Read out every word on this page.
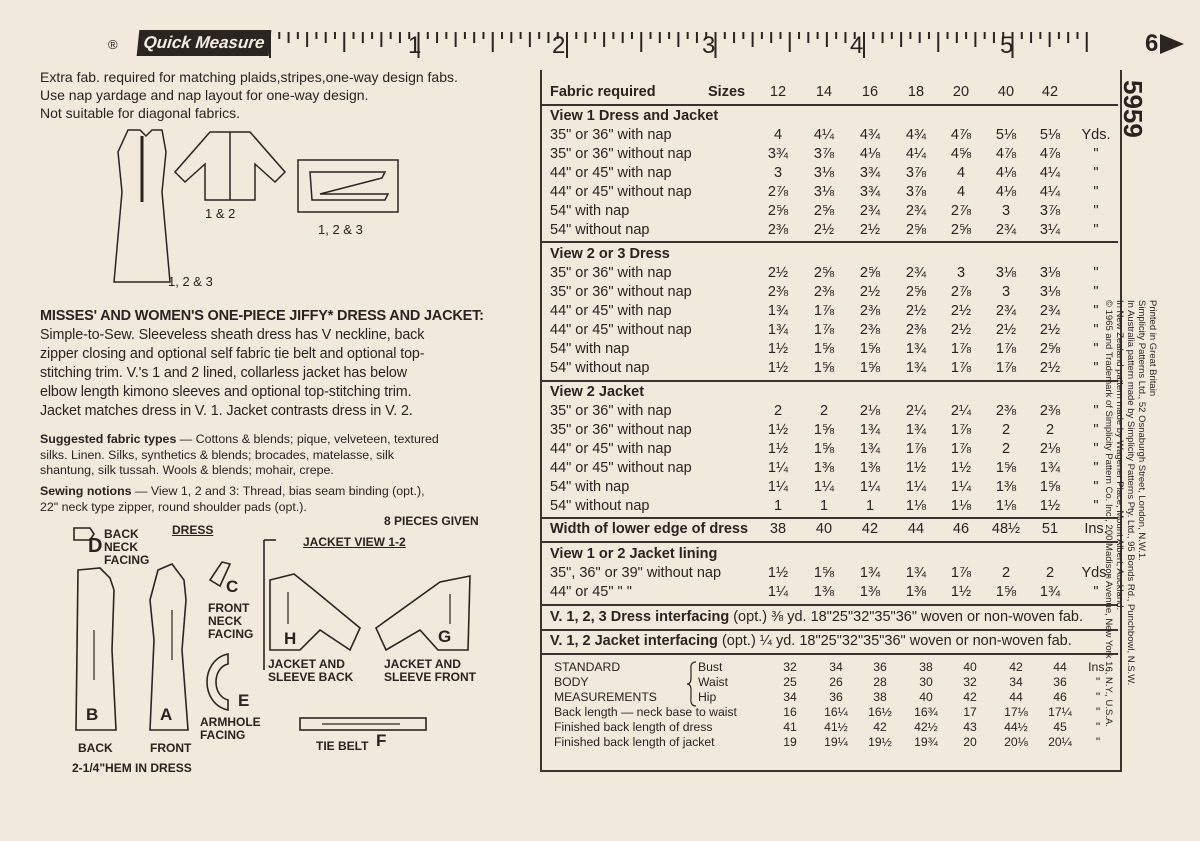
®	Quick Measure	1	2	3	4	5	6
Extra fab. required for matching plaids,stripes,one-way design fabs.
Use nap yardage and nap layout for one-way design.
Not suitable for diagonal fabrics.
1 & 2
1, 2 & 3
1, 2 & 3
MISSES' AND WOMEN'S ONE-PIECE JIFFY* DRESS AND JACKET:
Simple-to-Sew. Sleeveless sheath dress has V neckline, back
zipper closing and optional self fabric tie belt and optional top-
stitching trim. V.'s 1 and 2 lined, collarless jacket has below
elbow length kimono sleeves and optional top-stitching trim.
Jacket matches dress in V. 1. Jacket contrasts dress in V. 2.
Suggested fabric types — Cottons & blends; pique, velveteen, textured
silks. Linen. Silks, synthetics & blends; brocades, matelasse, silk
shantung, silk tussah. Wools & blends; mohair, crepe.
Sewing notions — View 1, 2 and 3: Thread, bias seam binding (opt.),
22" neck type zipper, round shoulder pads (opt.).
8 PIECES GIVEN
DRESS
JACKET VIEW 1-2
BACK
NECK
FACING
D
C
FRONT
NECK
FACING
E
ARMHOLE
FACING
B	A
BACK	FRONT
H	G
JACKET AND
SLEEVE BACK
JACKET AND
SLEEVE FRONT
TIE BELT F
2-1/4"HEM IN DRESS
5959
Fabric required	Sizes	12	14	16	18	20	40	42
View 1 Dress and Jacket
35" or 36" with nap	4	4¼	4¾	4¾	4⅞	5⅛	5⅛	Yds.
35" or 36" without nap	3¾	3⅞	4⅛	4¼	4⅝	4⅞	4⅞	"
44" or 45" with nap	3	3⅛	3¾	3⅞	4	4⅛	4¼	"
44" or 45" without nap	2⅞	3⅛	3¾	3⅞	4	4⅛	4¼	"
54" with nap	2⅝	2⅝	2¾	2¾	2⅞	3	3⅞	"
54" without nap	2⅜	2½	2½	2⅝	2⅝	2¾	3¼	"
View 2 or 3 Dress
35" or 36" with nap	2½	2⅝	2⅝	2¾	3	3⅛	3⅛	"
35" or 36" without nap	2⅜	2⅜	2½	2⅝	2⅞	3	3⅛	"
44" or 45" with nap	1¾	1⅞	2⅜	2½	2½	2¾	2¾	"
44" or 45" without nap	1¾	1⅞	2⅜	2⅜	2½	2½	2½	"
54" with nap	1½	1⅝	1⅝	1¾	1⅞	1⅞	2⅝	"
54" without nap	1½	1⅝	1⅝	1¾	1⅞	1⅞	2½	"
View 2 Jacket
35" or 36" with nap	2	2	2⅛	2¼	2¼	2⅜	2⅜	"
35" or 36" without nap	1½	1⅝	1¾	1¾	1⅞	2	2	"
44" or 45" with nap	1½	1⅝	1¾	1⅞	1⅞	2	2⅛	"
44" or 45" without nap	1¼	1⅜	1⅜	1½	1½	1⅝	1¾	"
54" with nap	1¼	1¼	1¼	1¼	1¼	1⅜	1⅝	"
54" without nap	1	1	1	1⅛	1⅛	1⅛	1½	"
Width of lower edge of dress	38	40	42	44	46	48½	51	Ins.
View 1 or 2 Jacket lining
35", 36" or 39" without nap	1½	1⅝	1¾	1¾	1⅞	2	2	Yds.
44" or 45" " "	1¼	1⅜	1⅜	1⅜	1½	1⅝	1¾	"
V. 1, 2, 3 Dress interfacing (opt.) ⅜ yd. 18"25"32"35"36" woven or non-woven fab.
V. 1, 2 Jacket interfacing (opt.) ¼ yd. 18"25"32"35"36" woven or non-woven fab.
STANDARD
BODY
MEASUREMENTS
Bust	32	34	36	38	40	42	44	Ins.
Waist	25	26	28	30	32	34	36	"
Hip	34	36	38	40	42	44	46	"
Back length — neck base to waist	16	16¼	16½	16¾	17	17⅛	17¼	"
Finished back length of dress	41	41½	42	42½	43	44½	45	"
Finished back length of jacket	19	19¼	19½	19¾	20	20⅛	20¼	"
Printed in Great Britain
Simplicity Patterns Ltd., 52 Osnaburgh Street, London, N.W.1.
In Australia pattern made by Simplicity Patterns Pty. Ltd., 95 Bonds Rd., Punchbowl, N.S.W.
In New Zealand pattern made by Wagener Place, Mount Albert, Auckland.
© 1965 and Trademark of Simplicity Pattern Co. Inc., 200 Madison Avenue, New York 16, N.Y., U.S.A.
